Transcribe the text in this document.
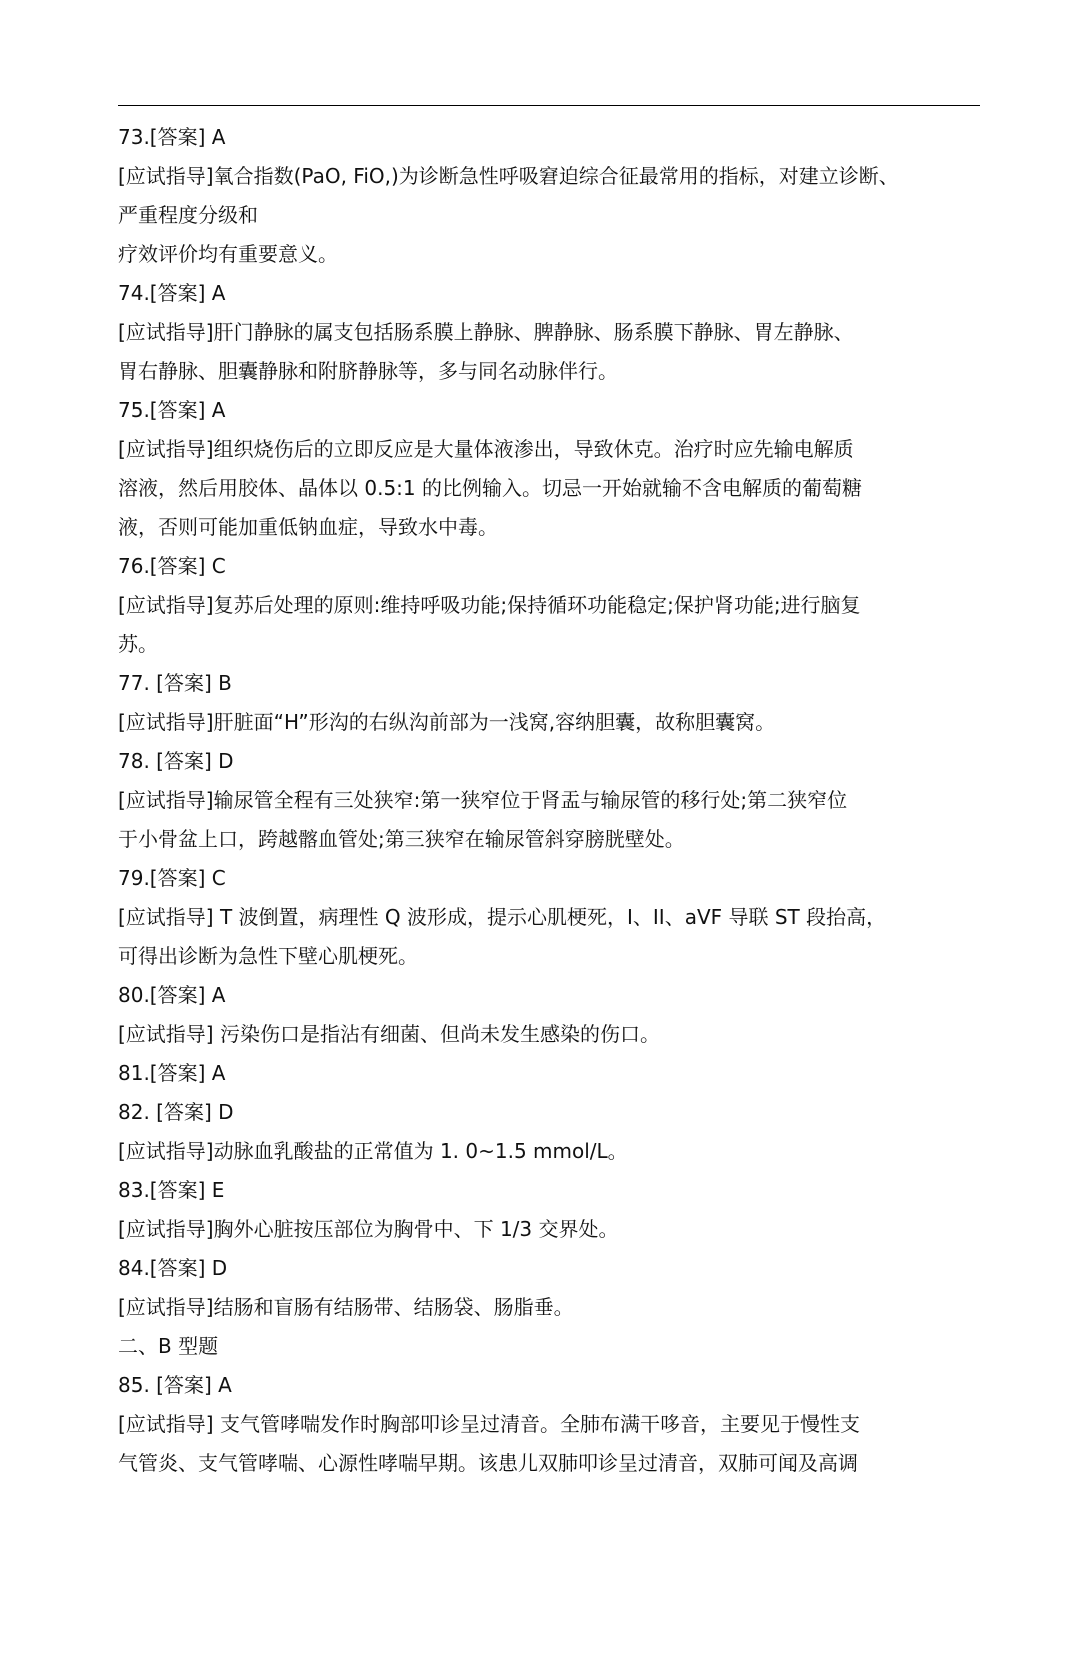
73.[答案] A
[应试指导]氧合指数(PaO, FiO,)为诊断急性呼吸窘迫综合征最常用的指标，对建立诊断、
严重程度分级和
疗效评价均有重要意义。
74.[答案] A
[应试指导]肝门静脉的属支包括肠系膜上静脉、脾静脉、肠系膜下静脉、胃左静脉、
胃右静脉、胆囊静脉和附脐静脉等，多与同名动脉伴行。
75.[答案] A
[应试指导]组织烧伤后的立即反应是大量体液渗出，导致休克。治疗时应先输电解质
溶液，然后用胶体、晶体以 0.5:1 的比例输入。切忌一开始就输不含电解质的葡萄糖
液，否则可能加重低钠血症，导致水中毒。
76.[答案] C
[应试指导]复苏后处理的原则:维持呼吸功能;保持循环功能稳定;保护肾功能;进行脑复
苏。
77. [答案] B
[应试指导]肝脏面“H”形沟的右纵沟前部为一浅窝,容纳胆囊，故称胆囊窝。
78. [答案] D
[应试指导]输尿管全程有三处狭窄:第一狭窄位于肾盂与输尿管的移行处;第二狭窄位
于小骨盆上口，跨越髂血管处;第三狭窄在输尿管斜穿膀胱壁处。
79.[答案] C
[应试指导] T 波倒置，病理性 Q 波形成，提示心肌梗死，I、II、aVF 导联 ST 段抬高，
可得出诊断为急性下壁心肌梗死。
80.[答案] A
[应试指导] 污染伤口是指沾有细菌、但尚未发生感染的伤口。
81.[答案] A
82. [答案] D
[应试指导]动脉血乳酸盐的正常值为 1. 0~1.5 mmol/L。
83.[答案] E
[应试指导]胸外心脏按压部位为胸骨中、下 1/3 交界处。
84.[答案] D
[应试指导]结肠和盲肠有结肠带、结肠袋、肠脂垂。
二、B 型题
85. [答案] A
[应试指导] 支气管哮喘发作时胸部叩诊呈过清音。全肺布满干哆音，主要见于慢性支
气管炎、支气管哮喘、心源性哮喘早期。该患儿双肺叩诊呈过清音，双肺可闻及高调
